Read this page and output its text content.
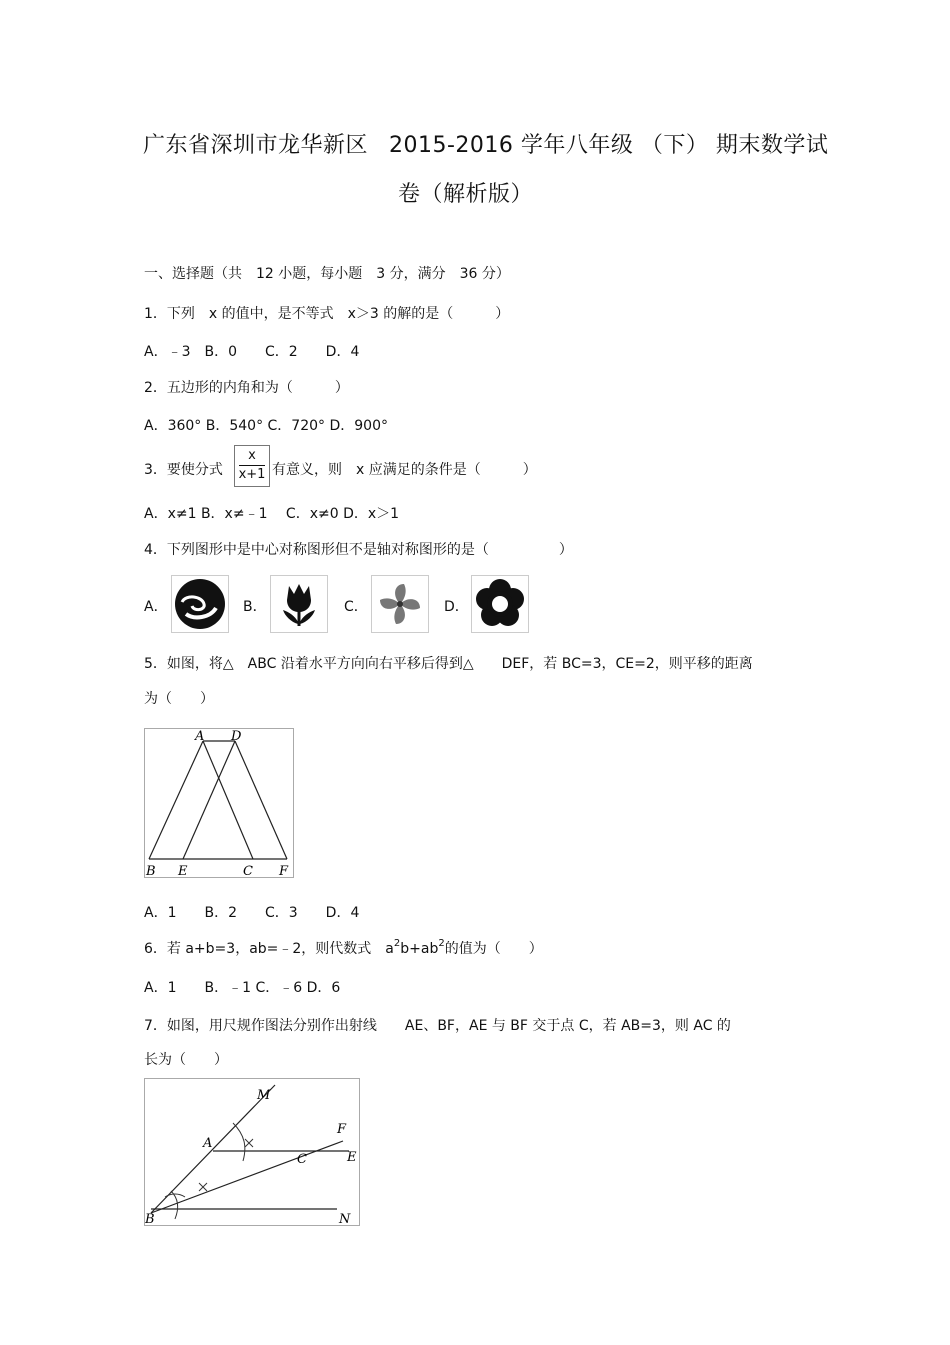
广东省深圳市龙华新区 2015-2016 学年八年级 （下） 期末数学试
卷（解析版）
一、选择题（共　12 小题，每小题　3 分，满分　36 分）
1．下列　x 的值中，是不等式　x＞3 的解的是（　　　）
A．﹣3　B．0　　C．2　　D．4
2．五边形的内角和为（　　　）
A．360° B．540° C．720° D．900°
3．要使分式
x
x+1 有意义，则　x 应满足的条件是（　　　）
A．x≠1 B．x≠﹣1　 C．x≠0 D．x＞1
4．下列图形中是中心对称图形但不是轴对称图形的是（　　　　　）
A．	B．	C．	D．
5．如图，将△　ABC 沿着水平方向向右平移后得到△　　DEF，若 BC=3，CE=2，则平移的距离
为（　　）
A D
B E	C F
A．1　　B．2　　C．3　　D．4
6．若 a+b=3，ab=﹣2，则代数式　$a^2b+ab^2$的值为（　　）
A．1　　B．﹣1 C．﹣6 D．6
7．如图，用尺规作图法分别作出射线　　AE、BF，AE 与 BF 交于点 C，若 AB=3，则 AC 的
长为（　　）
M
F
A
C	E
B	N
